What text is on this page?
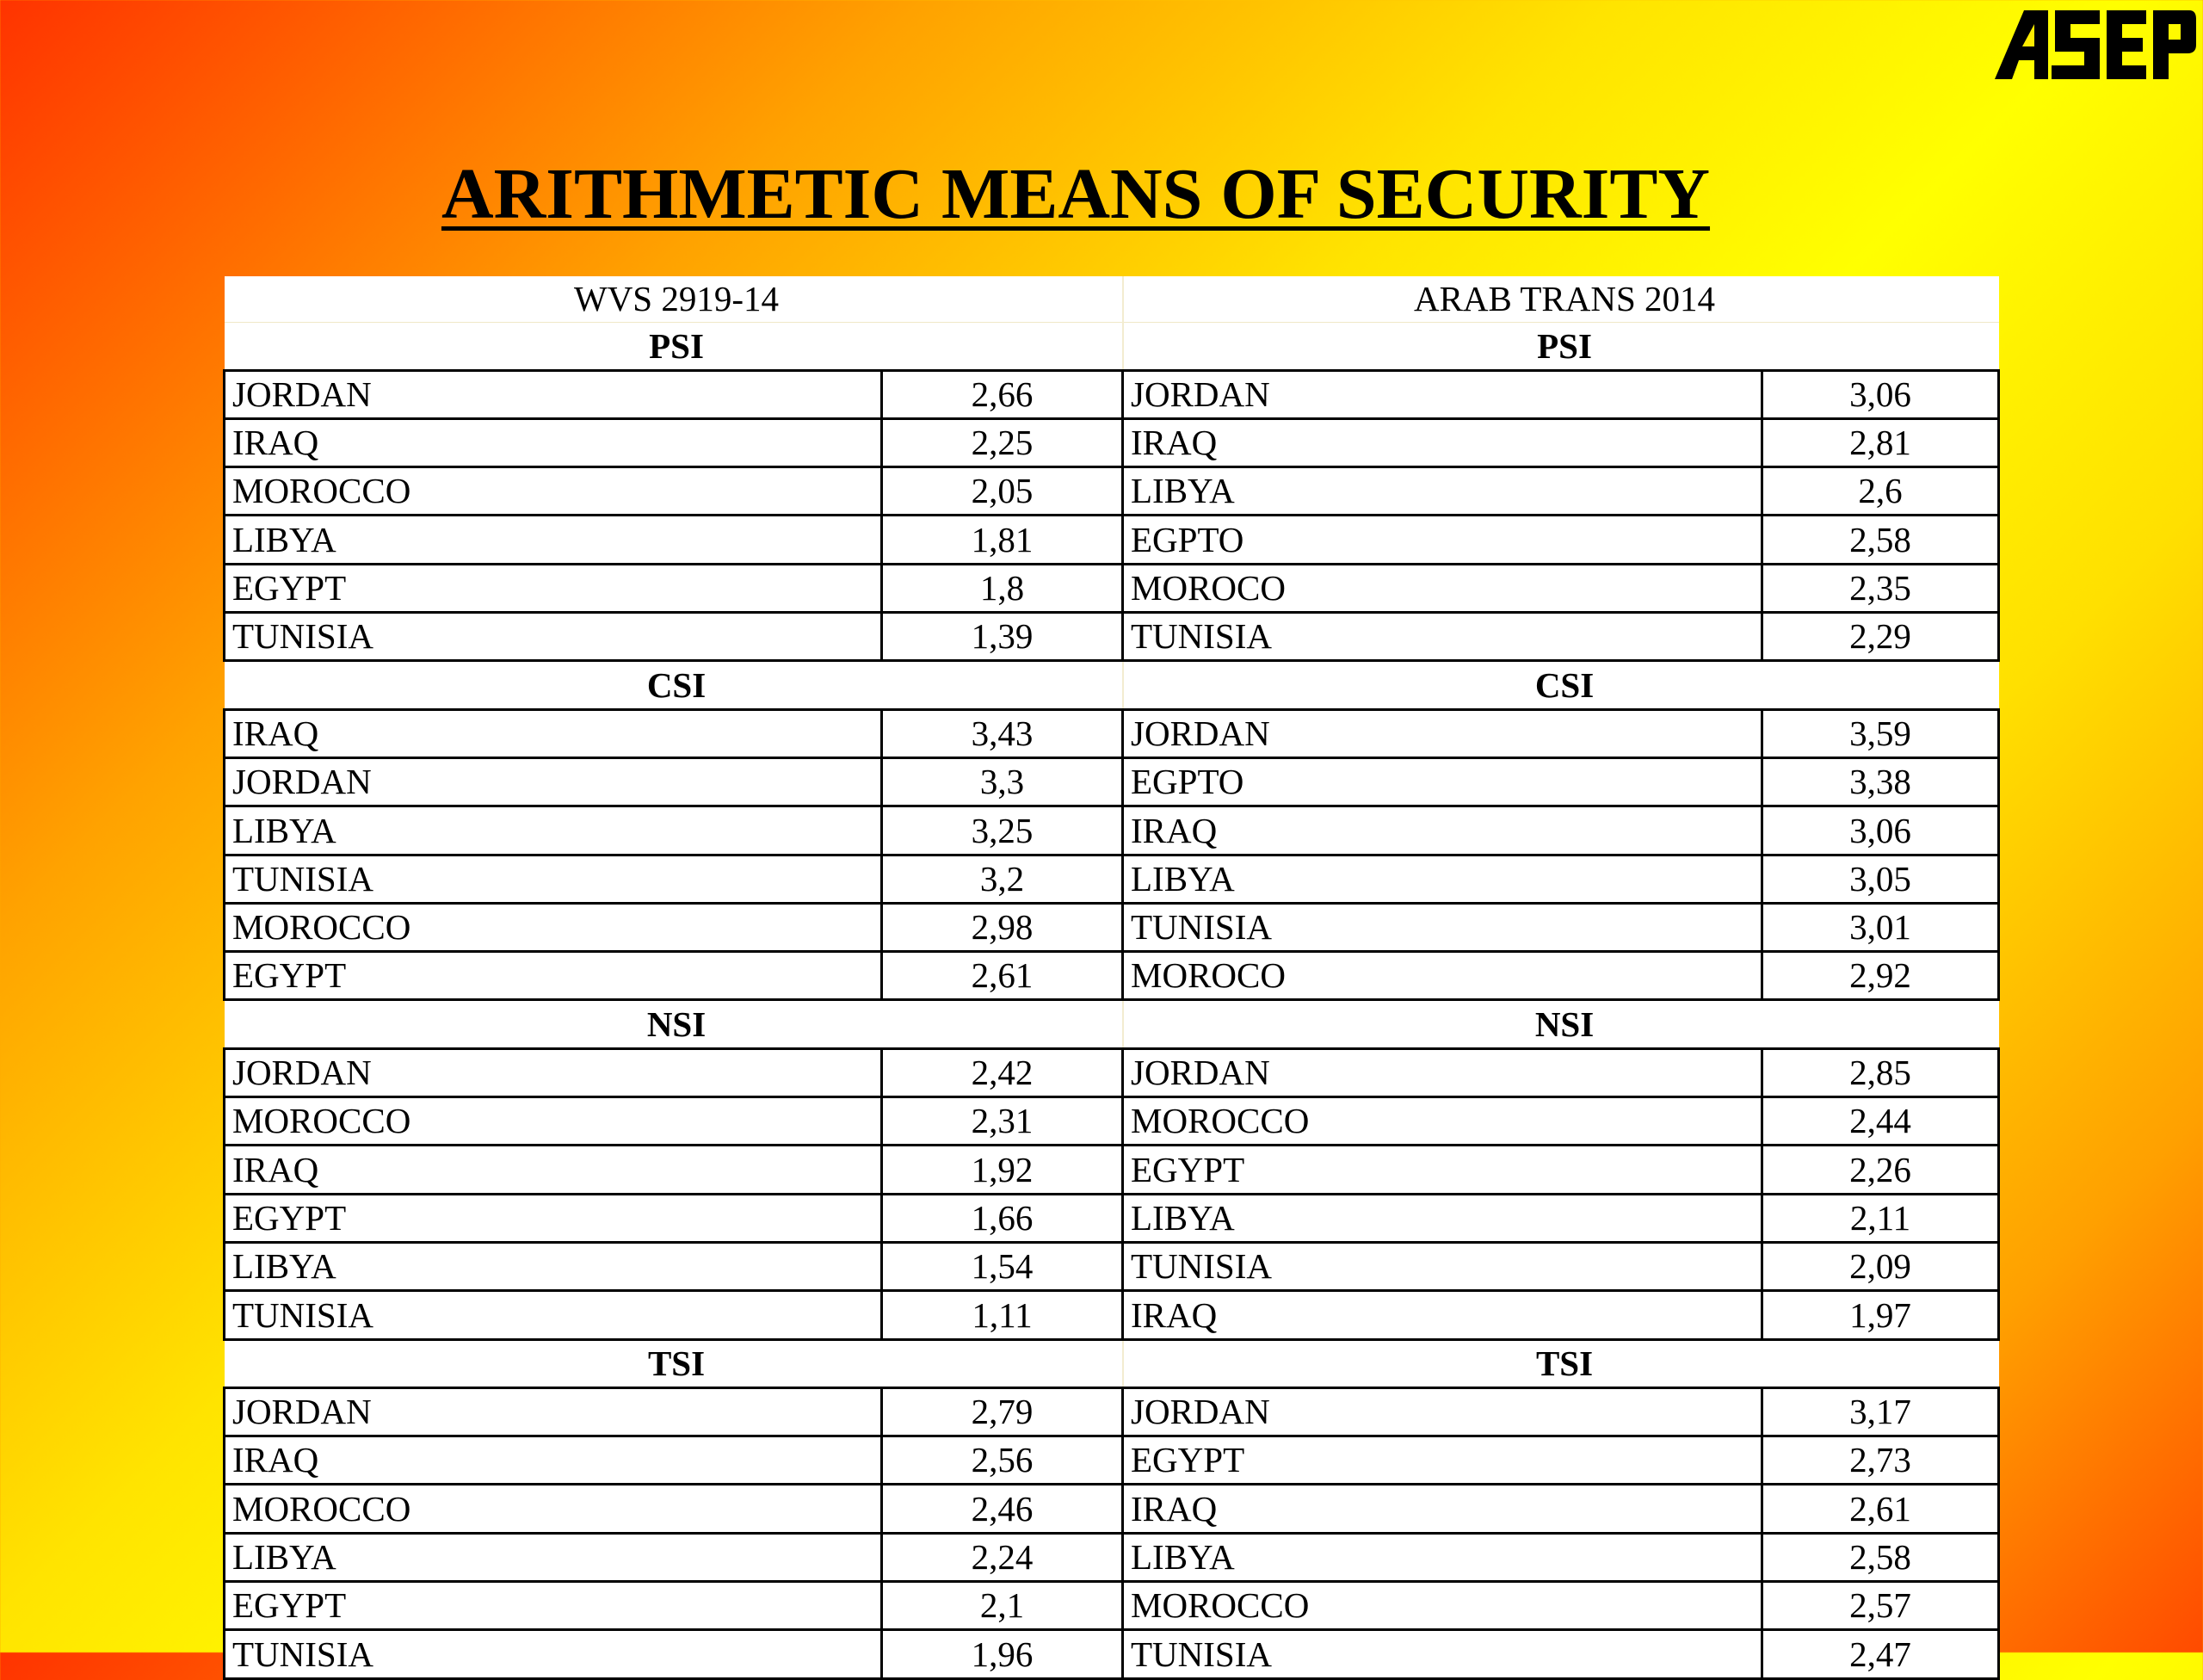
ARITHMETIC MEANS OF SECURITY
WVS 2919-14		ARAB TRANS 2014	
PSI		PSI	
JORDAN	2,66	JORDAN	3,06
IRAQ	2,25	IRAQ	2,81
MOROCCO	2,05	LIBYA	2,6
LIBYA	1,81	EGPTO	2,58
EGYPT	1,8	MOROCO	2,35
TUNISIA	1,39	TUNISIA	2,29
CSI		CSI	
IRAQ	3,43	JORDAN	3,59
JORDAN	3,3	EGPTO	3,38
LIBYA	3,25	IRAQ	3,06
TUNISIA	3,2	LIBYA	3,05
MOROCCO	2,98	TUNISIA	3,01
EGYPT	2,61	MOROCO	2,92
NSI		NSI	
JORDAN	2,42	JORDAN	2,85
MOROCCO	2,31	MOROCCO	2,44
IRAQ	1,92	EGYPT	2,26
EGYPT	1,66	LIBYA	2,11
LIBYA	1,54	TUNISIA	2,09
TUNISIA	1,11	IRAQ	1,97
TSI		TSI	
JORDAN	2,79	JORDAN	3,17
IRAQ	2,56	EGYPT	2,73
MOROCCO	2,46	IRAQ	2,61
LIBYA	2,24	LIBYA	2,58
EGYPT	2,1	MOROCCO	2,57
TUNISIA	1,96	TUNISIA	2,47
